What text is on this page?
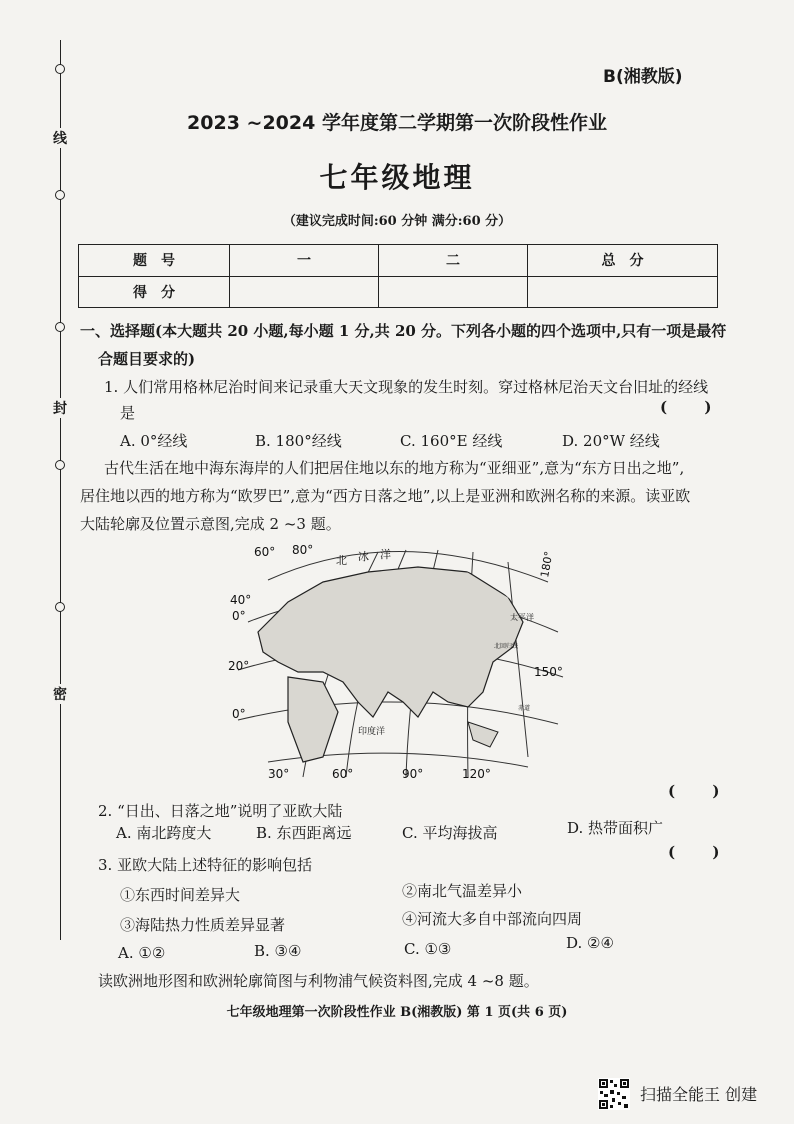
线
封
密
B(湘教版)
2023 ~2024 学年度第二学期第一次阶段性作业
七年级地理
（建议完成时间:60 分钟 满分:60 分）
题　号	一	二	总　分
得　分			
一、选择题(本大题共 20 小题,每小题 1 分,共 20 分。下列各小题的四个选项中,只有一项是最符
合题目要求的)
1. 人们常用格林尼治时间来记录重大天文现象的发生时刻。穿过格林尼治天文台旧址的经线
是	( )
A. 0°经线	B. 180°经线	C. 160°E 经线	D. 20°W 经线
古代生活在地中海东海岸的人们把居住地以东的地方称为“亚细亚”,意为“东方日出之地”,
居住地以西的地方称为“欧罗巴”,意为“西方日落之地”,以上是亚洲和欧洲名称的来源。读亚欧
大陆轮廓及位置示意图,完成 2 ~3 题。
60° 80°
40°
0°
20°
0°
30°	60°	90°	120°
150°
180°
北 冰 洋
太平洋
印度洋
北回归线
赤道
2. “日出、日落之地”说明了亚欧大陆
( )
A. 南北跨度大	B. 东西距离远	C. 平均海拔高	D. 热带面积广
3. 亚欧大陆上述特征的影响包括
( )
①东西时间差异大	②南北气温差异小
③海陆热力性质差异显著	④河流大多自中部流向四周
A. ①②	B. ③④	C. ①③	D. ②④
读欧洲地形图和欧洲轮廓简图与利物浦气候资料图,完成 4 ~8 题。
七年级地理第一次阶段性作业 B(湘教版) 第 1 页(共 6 页)
扫描全能王 创建
